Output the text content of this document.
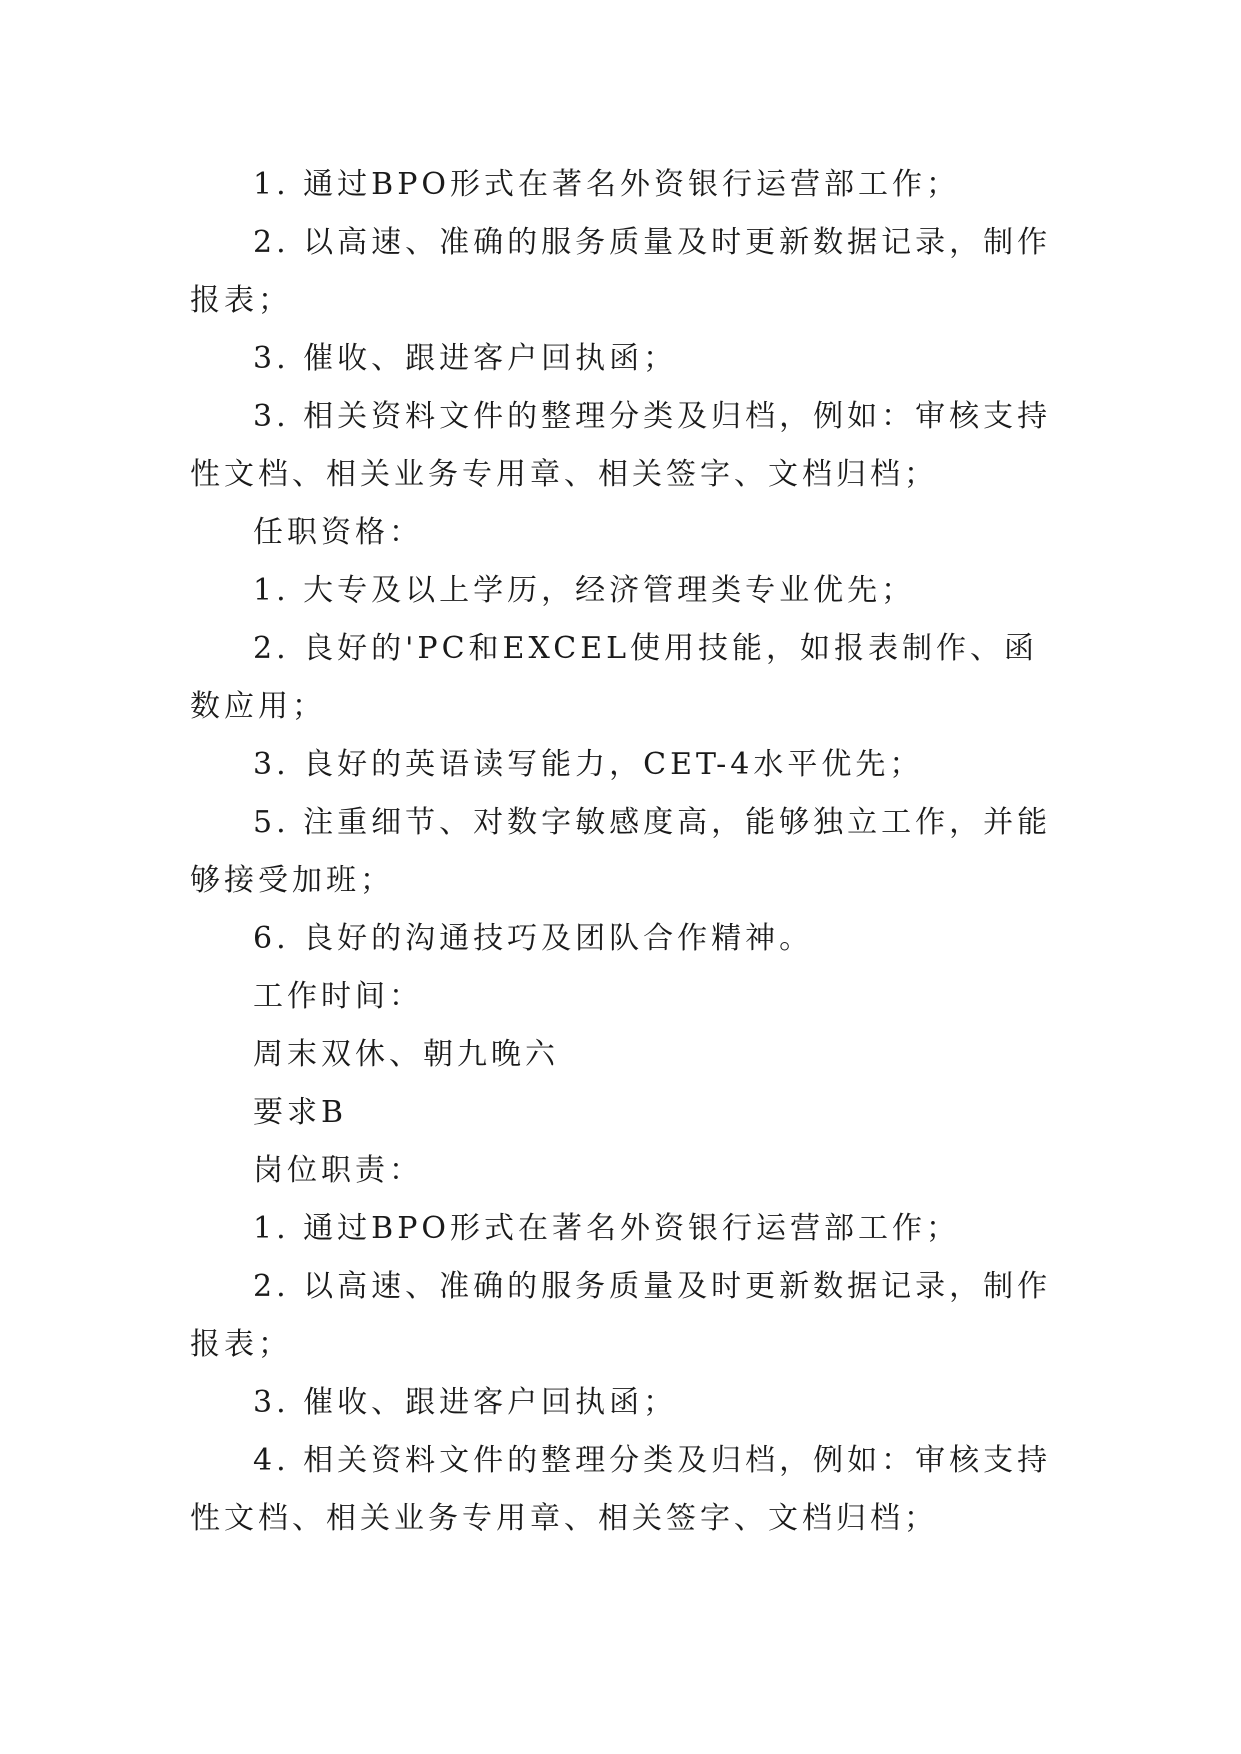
1. 通过BPO形式在著名外资银行运营部工作；

2. 以高速、准确的服务质量及时更新数据记录，制作报表；

3. 催收、跟进客户回执函；

3. 相关资料文件的整理分类及归档，例如：审核支持性文档、相关业务专用章、相关签字、文档归档；

任职资格：

1. 大专及以上学历，经济管理类专业优先；

2. 良好的'PC和EXCEL使用技能，如报表制作、函数应用；

3. 良好的英语读写能力，CET-4水平优先；

5. 注重细节、对数字敏感度高，能够独立工作，并能够接受加班；

6. 良好的沟通技巧及团队合作精神。

工作时间：

周末双休、朝九晚六

要求B

岗位职责：

1. 通过BPO形式在著名外资银行运营部工作；

2. 以高速、准确的服务质量及时更新数据记录，制作报表；

3. 催收、跟进客户回执函；

4. 相关资料文件的整理分类及归档，例如：审核支持性文档、相关业务专用章、相关签字、文档归档；
